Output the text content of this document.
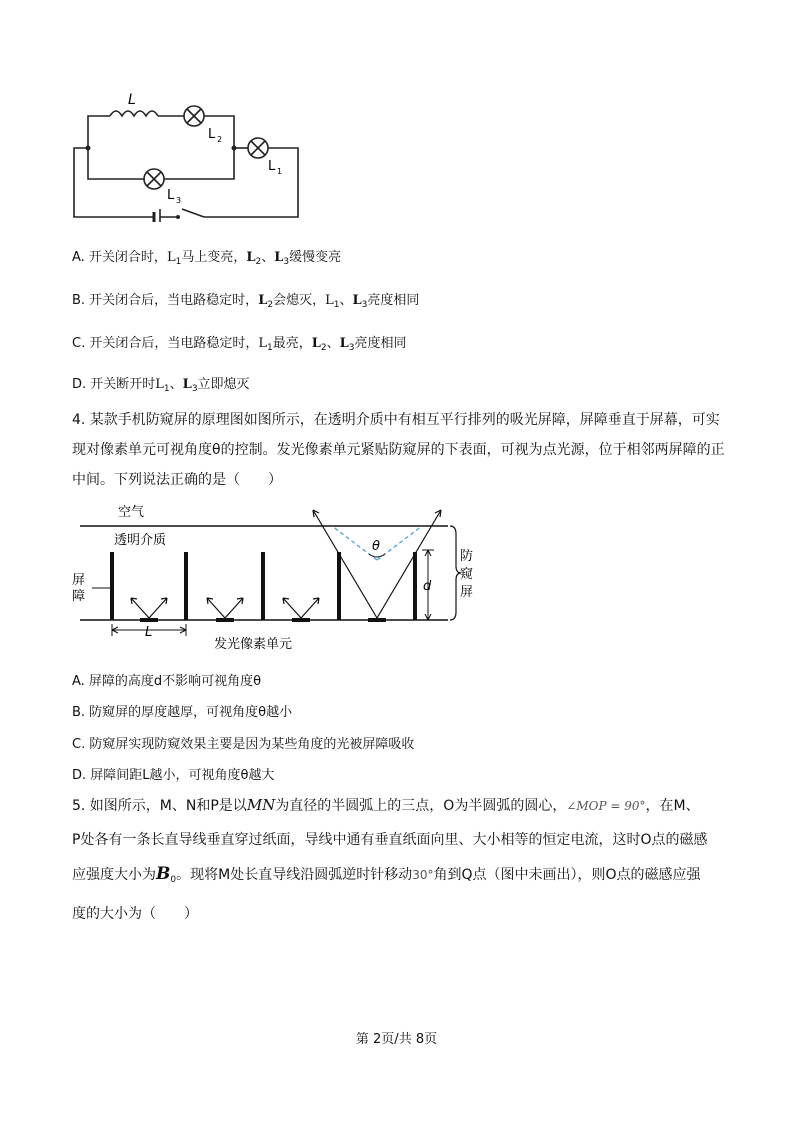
L
L 2
L 1
L 3
A. 开关闭合时，$L_1$马上变亮，$L_2$、$L_3$缓慢变亮
B. 开关闭合后，当电路稳定时，$L_2$会熄灭，$L_1$、$L_3$亮度相同
C. 开关闭合后，当电路稳定时，$L_1$最亮，$L_2$、$L_3$亮度相同
D. 开关断开时$L_1$、$L_3$立即熄灭
4. 某款手机防窥屏的原理图如图所示，在透明介质中有相互平行排列的吸光屏障，屏障垂直于屏幕，可实
现对像素单元可视角度θ的控制。发光像素单元紧贴防窥屏的下表面，可视为点光源，位于相邻两屏障的正
中间。下列说法正确的是（　　）
空气
透明介质
屏
障
防
窥
屏
θ
d
L
发光像素单元
A. 屏障的高度d不影响可视角度θ
B. 防窥屏的厚度越厚，可视角度θ越小
C. 防窥屏实现防窥效果主要是因为某些角度的光被屏障吸收
D. 屏障间距L越小，可视角度θ越大
5. 如图所示，M、N和P是以MN为直径的半圆弧上的三点，O为半圆弧的圆心，∠MOP = 90°，在M、
P处各有一条长直导线垂直穿过纸面，导线中通有垂直纸面向里、大小相等的恒定电流，这时O点的磁感
应强度大小为$B_0$。现将M处长直导线沿圆弧逆时针移动30°角到Q点（图中未画出），则O点的磁感应强
度的大小为（　　）
第 2页/共 8页
